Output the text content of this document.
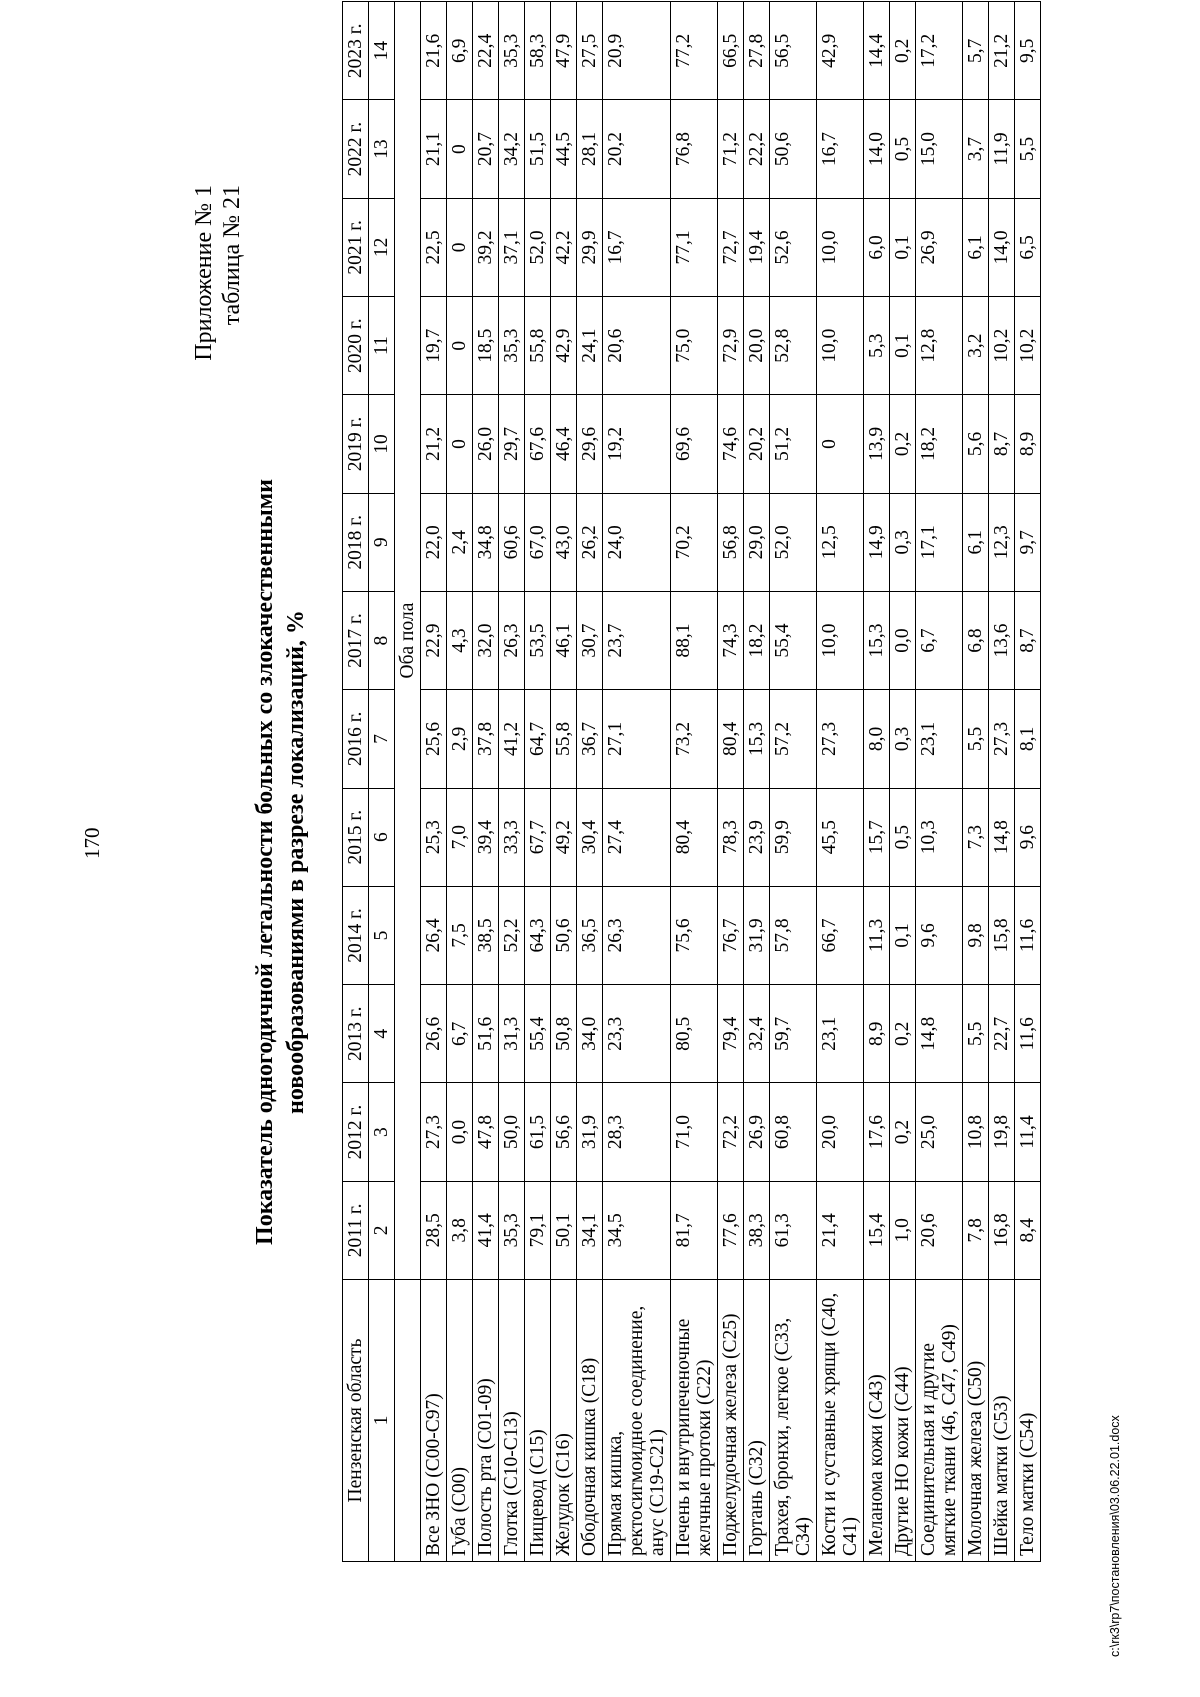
170
Приложение № 1 таблица № 21
Показатель одногодичной летальности больных со злокачественными новообразованиями в разрезе локализаций, %
Пензенская область	2011 г.	2012 г.	2013 г.	2014 г.	2015 г.	2016 г.	2017 г.	2018 г.	2019 г.	2020 г.	2021 г.	2022 г.	2023 г.
1	2	3	4	5	6	7	8	9	10	11	12	13	14
	Оба пола												
Все ЗНО (С00-С97)	28,5	27,3	26,6	26,4	25,3	25,6	22,9	22,0	21,2	19,7	22,5	21,1	21,6
Губа (С00)	3,8	0,0	6,7	7,5	7,0	2,9	4,3	2,4	0	0	0	0	6,9
Полость рта (С01-09)	41,4	47,8	51,6	38,5	39,4	37,8	32,0	34,8	26,0	18,5	39,2	20,7	22,4
Глотка (С10-С13)	35,3	50,0	31,3	52,2	33,3	41,2	26,3	60,6	29,7	35,3	37,1	34,2	35,3
Пищевод (С15)	79,1	61,5	55,4	64,3	67,7	64,7	53,5	67,0	67,6	55,8	52,0	51,5	58,3
Желудок (С16)	50,1	56,6	50,8	50,6	49,2	55,8	46,1	43,0	46,4	42,9	42,2	44,5	47,9
Ободочная кишка (С18)	34,1	31,9	34,0	36,5	30,4	36,7	30,7	26,2	29,6	24,1	29,9	28,1	27,5
Прямая кишка, ректосигмоидное соединение, анус (С19-С21)	34,5	28,3	23,3	26,3	27,4	27,1	23,7	24,0	19,2	20,6	16,7	20,2	20,9
Печень и внутрипеченочные желчные протоки (С22)	81,7	71,0	80,5	75,6	80,4	73,2	88,1	70,2	69,6	75,0	77,1	76,8	77,2
Поджелудочная железа (С25)	77,6	72,2	79,4	76,7	78,3	80,4	74,3	56,8	74,6	72,9	72,7	71,2	66,5
Гортань (С32)	38,3	26,9	32,4	31,9	23,9	15,3	18,2	29,0	20,2	20,0	19,4	22,2	27,8
Трахея, бронхи, легкое (С33, С34)	61,3	60,8	59,7	57,8	59,9	57,2	55,4	52,0	51,2	52,8	52,6	50,6	56,5
Кости и суставные хрящи (С40, С41)	21,4	20,0	23,1	66,7	45,5	27,3	10,0	12,5	0	10,0	10,0	16,7	42,9
Меланома кожи (С43)	15,4	17,6	8,9	11,3	15,7	8,0	15,3	14,9	13,9	5,3	6,0	14,0	14,4
Другие НО кожи (С44)	1,0	0,2	0,2	0,1	0,5	0,3	0,0	0,3	0,2	0,1	0,1	0,5	0,2
Соединительная и другие мягкие ткани (46, С47, С49)	20,6	25,0	14,8	9,6	10,3	23,1	6,7	17,1	18,2	12,8	26,9	15,0	17,2
Молочная железа (С50)	7,8	10,8	5,5	9,8	7,3	5,5	6,8	6,1	5,6	3,2	6,1	3,7	5,7
Шейка матки (С53)	16,8	19,8	22,7	15,8	14,8	27,3	13,6	12,3	8,7	10,2	14,0	11,9	21,2
Тело матки (С54)	8,4	11,4	11,6	11,6	9,6	8,1	8,7	9,7	8,9	10,2	6,5	5,5	9,5
c:\rк3\rp7\постановления\03.06.22.01.docx
